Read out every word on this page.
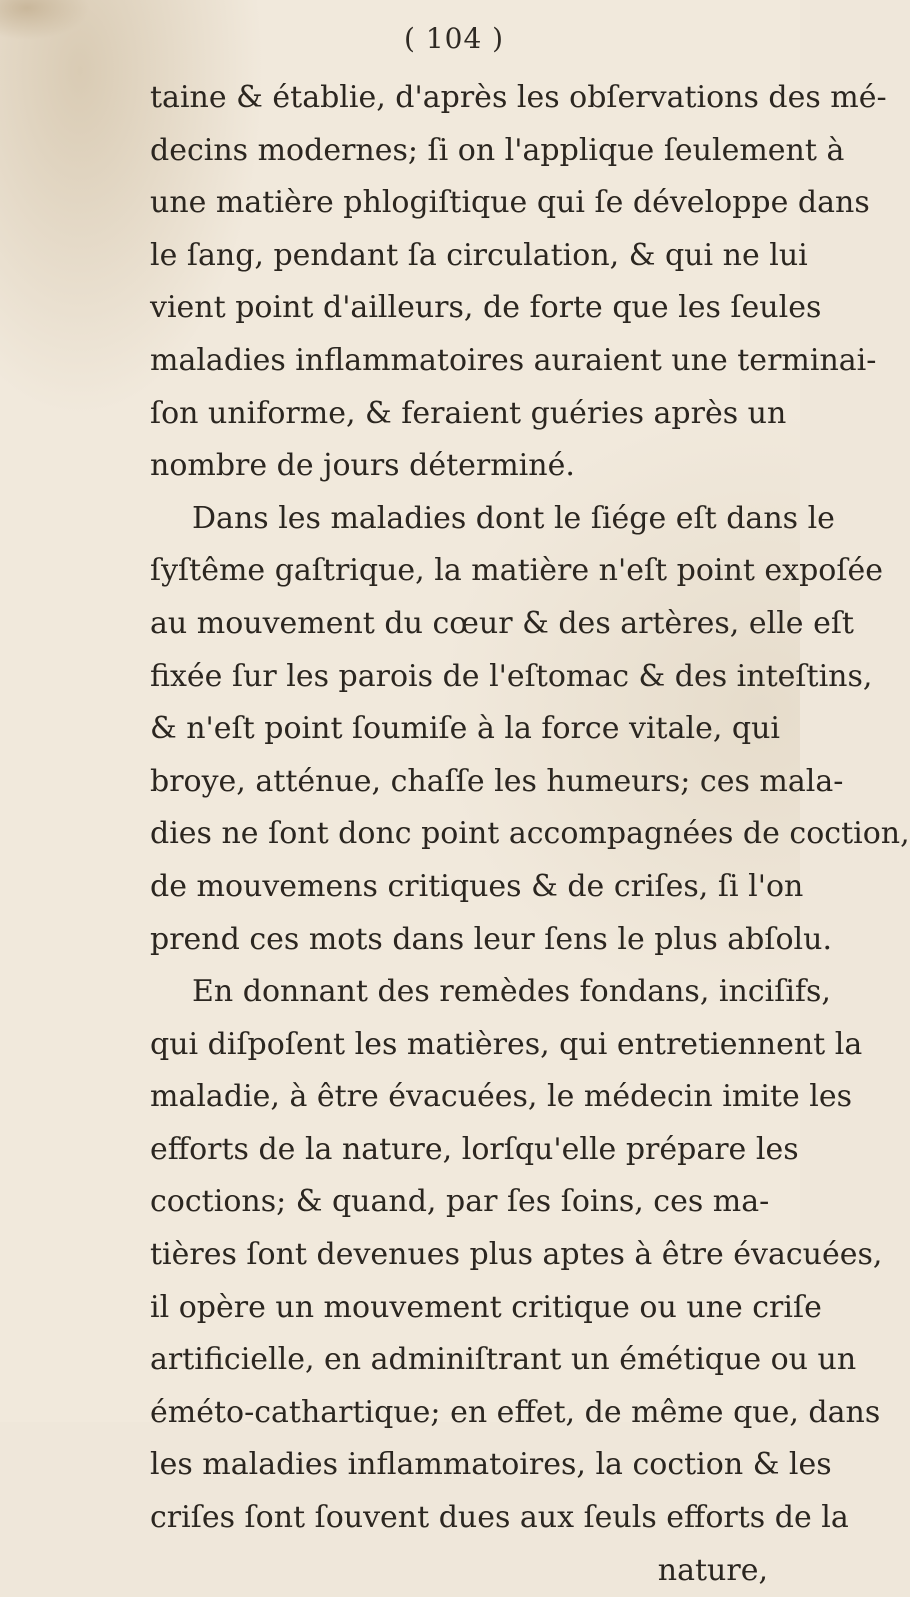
( 104 )
taine & établie, d'après les obſervations des mé-
decins modernes; ſi on l'applique ſeulement à
une matière phlogiſtique qui ſe développe dans
le ſang, pendant ſa circulation, & qui ne lui
vient point d'ailleurs, de forte que les ſeules
maladies inflammatoires auraient une terminai-
ſon uniforme, & feraient guéries après un
nombre de jours déterminé.
Dans les maladies dont le ſiége eſt dans le
ſyſtême gaſtrique, la matière n'eſt point expoſée
au mouvement du cœur & des artères, elle eſt
fixée ſur les parois de l'eſtomac & des inteſtins,
& n'eſt point ſoumiſe à la force vitale, qui
broye, atténue, chaſſe les humeurs; ces mala-
dies ne ſont donc point accompagnées de coction,
de mouvemens critiques & de criſes, ſi l'on
prend ces mots dans leur ſens le plus abſolu.
En donnant des remèdes fondans, inciſifs,
qui diſpoſent les matières, qui entretiennent la
maladie, à être évacuées, le médecin imite les
efforts de la nature, lorſqu'elle prépare les
coctions; & quand, par ſes ſoins, ces ma-
tières ſont devenues plus aptes à être évacuées,
il opère un mouvement critique ou une criſe
artificielle, en adminiſtrant un émétique ou un
éméto-cathartique; en effet, de même que, dans
les maladies inflammatoires, la coction & les
criſes ſont ſouvent dues aux ſeuls efforts de la
nature,
